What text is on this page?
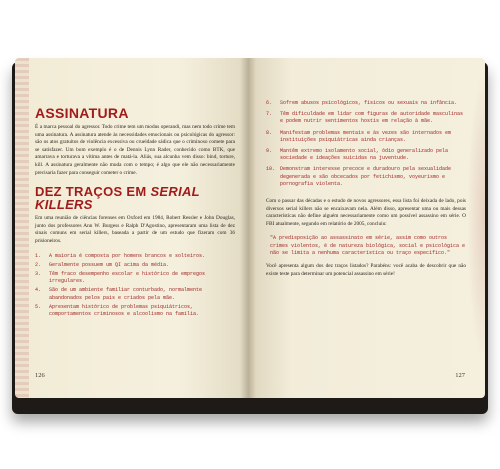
ASSINATURA
É a marca pessoal do agressor. Todo crime tem um modus operandi, mas nem todo crime tem uma assinatura. A assinatura atende às necessidades emocionais ou psicológicas do agressor: são os atos gratuitos de violência excessiva ou crueldade sádica que o criminoso comete para se satisfazer. Um bom exemplo é o de Dennis Lynn Rader, conhecido como BTK, que amarrava e torturava a vítima antes de matá-la. Aliás, sua alcunha vem disso: bind, torture, kill. A assinatura geralmente não muda com o tempo; é algo que ele não necessariamente precisaria fazer para conseguir cometer o crime.
DEZ TRAÇOS EM SERIAL KILLERS
Em uma reunião de ciências forenses em Oxford em 1984, Robert Ressler e John Douglas, junto dos professores Ann W. Burgess e Ralph D'Agostino, apresentaram uma lista de dez sinais comuns em serial killers, baseada a partir de um estudo que fizeram com 36 prisioneiros.
1.	A maioria é composta por homens brancos e solteiros.
2.	Geralmente possuem um QI acima da média.
3.	Têm fraco desempenho escolar e histórico de empregos irregulares.
4.	São de um ambiente familiar conturbado, normalmente abandonados pelos pais e criados pela mãe.
5.	Apresentam histórico de problemas psiquiátricos, comportamentos criminosos e alcoolismo na família.
126
6.	Sofrem abusos psicológicos, físicos ou sexuais na infância.
7.	Têm dificuldade em lidar com figuras de autoridade masculinas e podem nutrir sentimentos hostis em relação à mãe.
8.	Manifestam problemas mentais e às vezes são internados em instituições psiquiátricas ainda crianças.
9.	Mantêm extremo isolamento social, ódio generalizado pela sociedade e ideações suicidas na juventude.
10. Demonstram interesse precoce e duradouro pela sexualidade degenerada e são obcecados por fetichismo, voyeurismo e pornografia violenta.
Com o passar das décadas e o estudo de novos agressores, essa lista foi deixada de lado, pois diversos serial killers não se encaixavam nela. Além disso, apresentar uma ou mais dessas características não define alguém necessariamente como um possível assassino em série. O FBI atualmente, segundo em relatório de 2005, concluiu:
"A predisposição ao assassinato em série, assim como outros crimes violentos, é de natureza biológica, social e psicológica e não se limita a nenhuma característica ou traço específico."
Você apresenta algum dos dez traços listados? Parabéns: você acaba de descobrir que não existe teste para determinar um potencial assassino em série!
127
